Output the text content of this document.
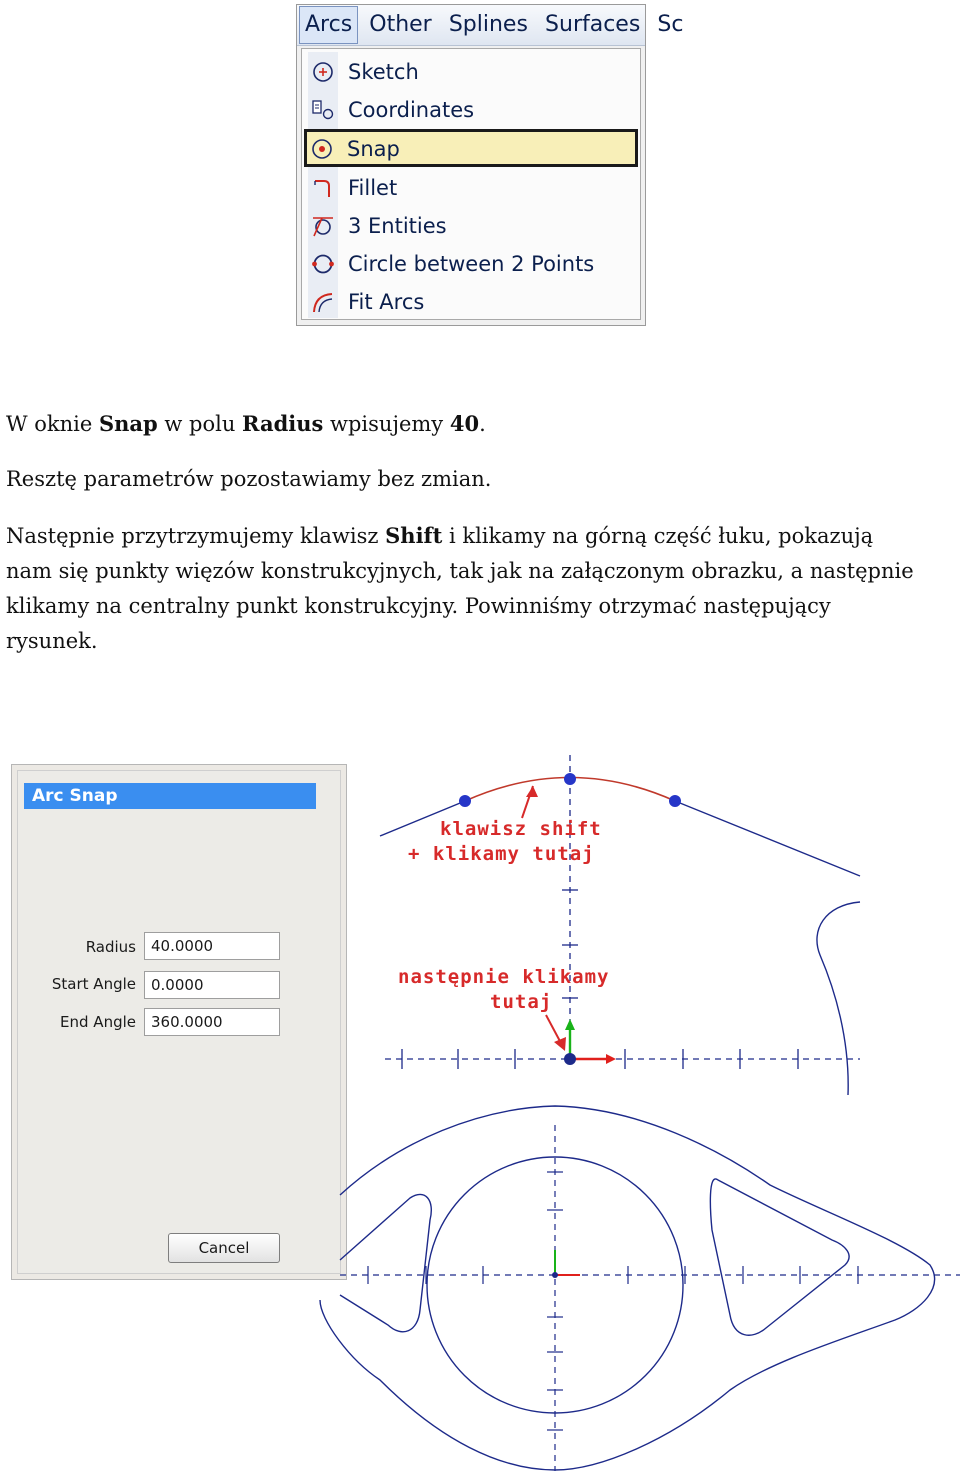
Arcs Other Splines Surfaces Sc
Sketch
Coordinates
Snap
Fillet
3 Entities
Circle between 2 Points
Fit Arcs
W oknie Snap w polu Radius wpisujemy 40.
Resztę parametrów pozostawiamy bez zmian.
Następnie przytrzymujemy klawisz Shift i klikamy na górną część łuku, pokazują
nam się punkty więzów konstrukcyjnych, tak jak na załączonym obrazku, a następnie
klikamy na centralny punkt konstrukcyjny. Powinniśmy otrzymać następujący
rysunek.
Arc Snap
Radius	40.0000
Start Angle	0.0000
End Angle	360.0000
Cancel
klawisz shift
+ klikamy tutaj
następnie klikamy
tutaj
